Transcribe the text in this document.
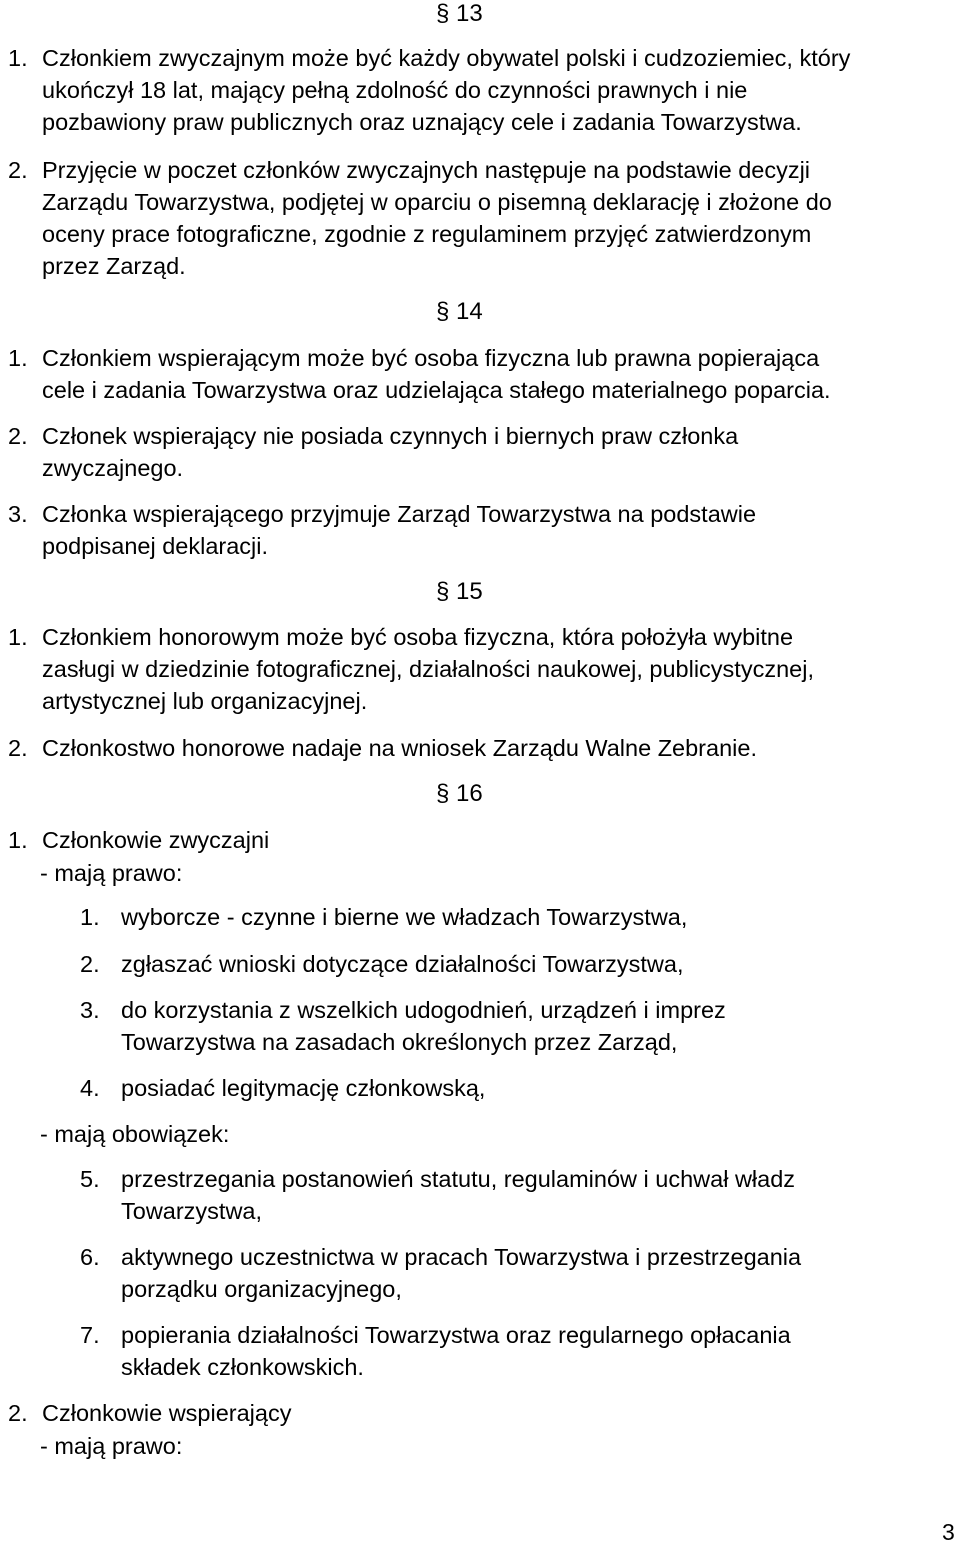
§ 13
1. Członkiem zwyczajnym może być każdy obywatel polski i cudzoziemiec, który
ukończył 18 lat, mający pełną zdolność do czynności prawnych i nie
pozbawiony praw publicznych oraz uznający cele i zadania Towarzystwa.
2. Przyjęcie w poczet członków zwyczajnych następuje na podstawie decyzji
Zarządu Towarzystwa, podjętej w oparciu o pisemną deklarację i złożone do
oceny prace fotograficzne, zgodnie z regulaminem przyjęć zatwierdzonym
przez Zarząd.
§ 14
1. Członkiem wspierającym może być osoba fizyczna lub prawna popierająca
cele i zadania Towarzystwa oraz udzielająca stałego materialnego poparcia.
2. Członek wspierający nie posiada czynnych i biernych praw członka
zwyczajnego.
3. Członka wspierającego przyjmuje Zarząd Towarzystwa na podstawie
podpisanej deklaracji.
§ 15
1. Członkiem honorowym może być osoba fizyczna, która położyła wybitne
zasługi w dziedzinie fotograficznej, działalności naukowej, publicystycznej,
artystycznej lub organizacyjnej.
2. Członkostwo honorowe nadaje na wniosek Zarządu Walne Zebranie.
§ 16
1. Członkowie zwyczajni
- mają prawo:
1. wyborcze - czynne i bierne we władzach Towarzystwa,
2. zgłaszać wnioski dotyczące działalności Towarzystwa,
3. do korzystania z wszelkich udogodnień, urządzeń i imprez
Towarzystwa na zasadach określonych przez Zarząd,
4. posiadać legitymację członkowską,
- mają obowiązek:
5. przestrzegania postanowień statutu, regulaminów i uchwał władz
Towarzystwa,
6. aktywnego uczestnictwa w pracach Towarzystwa i przestrzegania
porządku organizacyjnego,
7. popierania działalności Towarzystwa oraz regularnego opłacania
składek członkowskich.
2. Członkowie wspierający
- mają prawo:
3
